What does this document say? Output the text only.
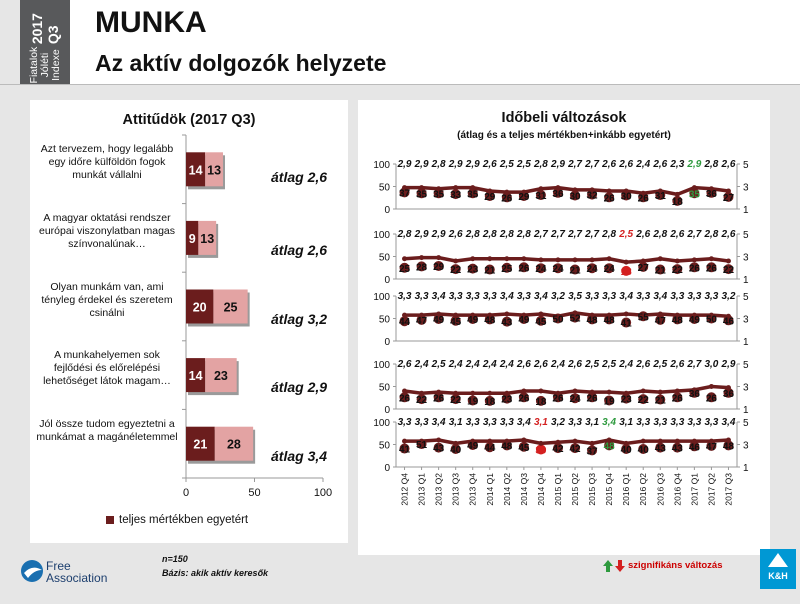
Fiatalok
Jóléti Indexe
2017 Q3 MUNKA
Az aktív dolgozók helyzete
Attitűdök (2017 Q3)
Azt tervezem, hogy legalább egy időre külföldön fogok munkát vállalni	átlag 2,6
A magyar oktatási rendszer európai viszonylatban magas színvonalúnak…	átlag 2,6
Olyan munkám van, ami tényleg érdekel és szeretem csinálni	átlag 3,2
A munkahelyemen sok fejlődési és előrelépési lehetőséget látok magam…	átlag 2,9
Jól össze tudom egyeztetni a munkámat a magánéletemmel
átlag 3,4
0	50	100
14 13
9 13
20 25
14 23
21 28
teljes mértékben egyetért
Időbeli változások
(átlag és a teljes mértékben+inkább egyetért)
0
50
100
1
3
5
37
2,9
35
2,9
35
2,8
33
2,9
35
2,9
29
2,6
26
2,5
29
2,5
31
2,8
36
2,9
30
2,7
32
2,7
26
2,6
30
2,6
26
2,4
31
2,6
18
2,3
35
2,9
36
2,8
27
2,6
0
50
100
1
3
5
25
2,8
28
2,9
29
2,9
22
2,6
23
2,8
21
2,8
25
2,8
26
2,8
24
2,7
24
2,7
21
2,7
24
2,7
24
2,8
18
2,5
27
2,6
21
2,8
22
2,6
26
2,7
26
2,8
22
2,6
0
50
100
1
3
5
44
3,3
47
3,3
49
3,4
45
3,3
49
3,3
48
3,3
43
3,4
49
3,3
45
3,4
50
3,2
52
3,5
48
3,3
48
3,3
41
3,4
55
3,3
47
3,4
48
3,3
49
3,3
50
3,3
46
3,2
0
50
100
1
3
5
26
2,6
22
2,4
26
2,5
22
2,4
19
2,4
18
2,4
23
2,4
26
2,6
18
2,6
26
2,4
24
2,6
26
2,5
19
2,5
23
2,4
22
2,6
21
2,5
26
2,6
36
2,7
26
3,0
36
2,9
0
50
100
1
3
5
41
3,3
51
3,3
43
3,4
40
3,1
49
3,3
44
3,3
48
3,3
45
3,4
39
3,1
42
3,2
42
3,3
37
3,1
48
3,4
40
3,1
40
3,3
43
3,3
43
3,3
46
3,3
47
3,3
48
3,4
2012 Q4 2013 Q1 2013 Q2 2013 Q3 2013 Q4 2014 Q1 2014 Q2 2014 Q3 2014 Q4 2015 Q1 2015 Q2 2015 Q3 2015 Q4 2016 Q1 2016 Q2 2016 Q3 2016 Q4 2017 Q1 2017 Q2 2017 Q3
Free Association
n=150
Bázis: akik aktív keresők
szignifikáns változás
K&H
